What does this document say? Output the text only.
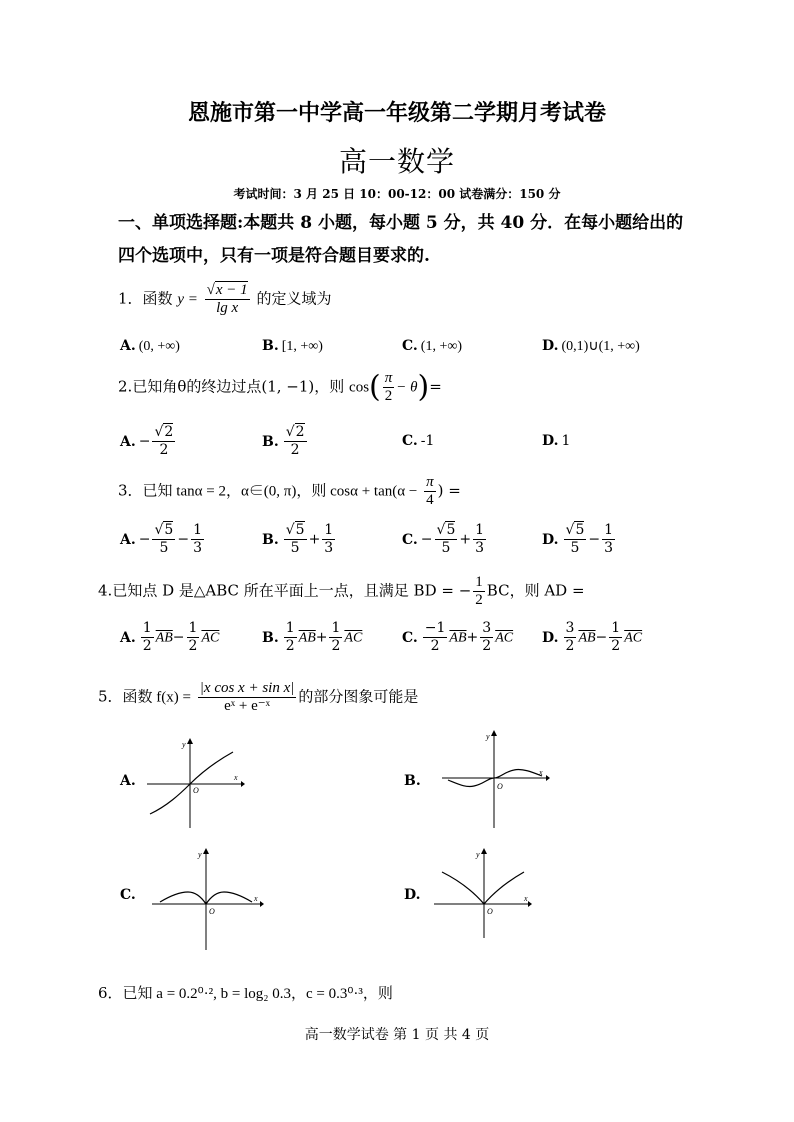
恩施市第一中学高一年级第二学期月考试卷
高一数学
考试时间：3 月 25 日 10：00-12：00 试卷满分：150 分
一、单项选择题:本题共 8 小题，每小题 5 分，共 40 分．在每小题给出的
四个选项中，只有一项是符合题目要求的.
1．函数 $y = \frac{√x - 1}{\text{lg x}}$ 的定义域为
A. (0, +∞)	B. [1, +∞)	C. (1, +∞)	D. (0,1)∪(1, +∞)
2.已知角θ的终边过点(1, −1)，则 $\cos( \frac{\pi}{2} - \theta)=$
A. − $\frac{√2}{2}$	B. $\frac{√2}{2}$	C. -1	D. 1
3．已知 tanα = 2，α∈(0, π)，则 $\cos\alpha + \tan(\alpha - \frac{\pi}{4}$ ) =
A. − $\frac{√5}{5} - \frac{1}{3}$	B. $\frac{√5}{5} + \frac{1}{3}$	C. − $\frac{√5}{5} + \frac{1}{3}$	D. $\frac{√5}{5} - \frac{1}{3}$
4.已知点 D 是△ABC 所在平面上一点，且满足 BD = − $\frac{1}{2}$ BC，则 AD =
A. $\frac{1}{2} \overline{AB}- \frac{1}{2} \overline{AC}$	B. $\frac{1}{2} \overline{AB}+ \frac{1}{2} \overline{AC}$	C. $\frac{-1}{2} \overline{AB}+ \frac{3}{2} \overline{AC}$ D. $\frac{3}{2} \overline{AB}- \frac{1}{2} \overline{AC}$
5．函数 $f(x) = \frac{\text{|x cos x + sin x|}}{\text{eˣ + e⁻ˣ}}$ 的部分图象可能是
A.	x
y
O
B.
x
y
O
C.	x
y
O
D.	x
y
O
6．已知 a = 0.2⁰·², b = log₂ 0.3，c = 0.3⁰·³，则
高一数学试卷 第 1 页 共 4 页
